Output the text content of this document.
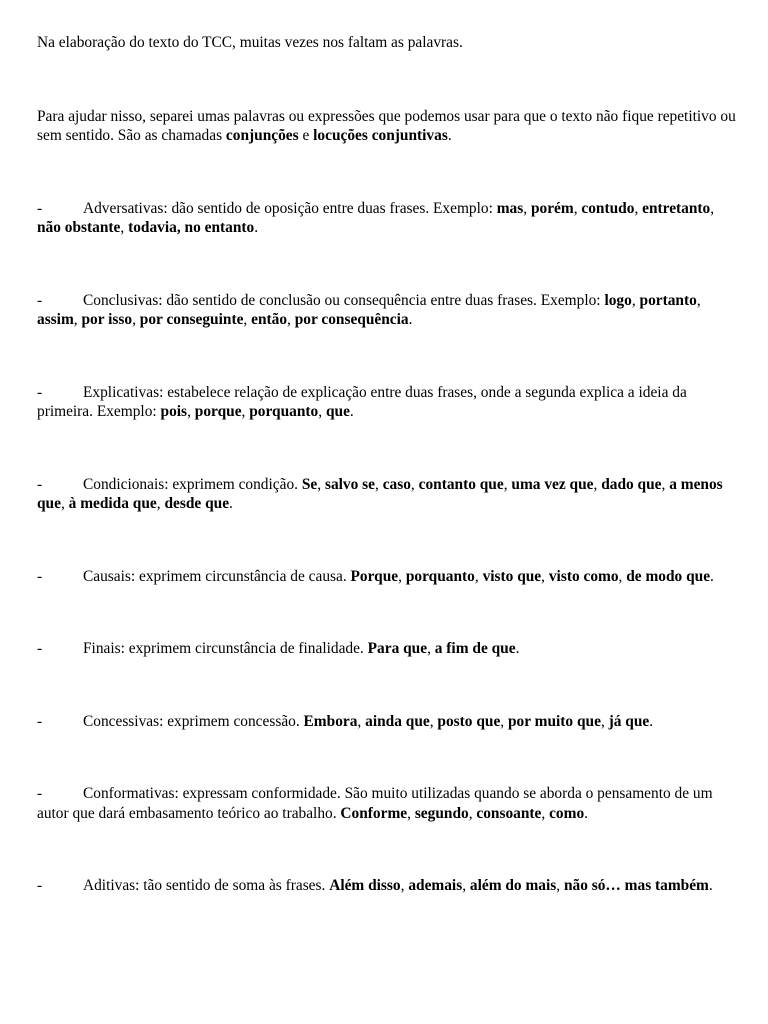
Na elaboração do texto do TCC, muitas vezes nos faltam as palavras.

Para ajudar nisso, separei umas palavras ou expressões que podemos usar para que o texto não fique repetitivo ou sem sentido. São as chamadas conjunções e locuções conjuntivas.

-	Adversativas: dão sentido de oposição entre duas frases. Exemplo: mas, porém, contudo, entretanto, não obstante, todavia, no entanto.

-	Conclusivas: dão sentido de conclusão ou consequência entre duas frases. Exemplo: logo, portanto, assim, por isso, por conseguinte, então, por consequência.

-	Explicativas: estabelece relação de explicação entre duas frases, onde a segunda explica a ideia da primeira. Exemplo: pois, porque, porquanto, que.

-	Condicionais: exprimem condição. Se, salvo se, caso, contanto que, uma vez que, dado que, a menos que, à medida que, desde que.

-	Causais: exprimem circunstância de causa. Porque, porquanto, visto que, visto como, de modo que.

-	Finais: exprimem circunstância de finalidade. Para que, a fim de que.

-	Concessivas: exprimem concessão. Embora, ainda que, posto que, por muito que, já que.

-	Conformativas: expressam conformidade. São muito utilizadas quando se aborda o pensamento de um autor que dará embasamento teórico ao trabalho. Conforme, segundo, consoante, como.

-	Aditivas: tão sentido de soma às frases. Além disso, ademais, além do mais, não só… mas também.
